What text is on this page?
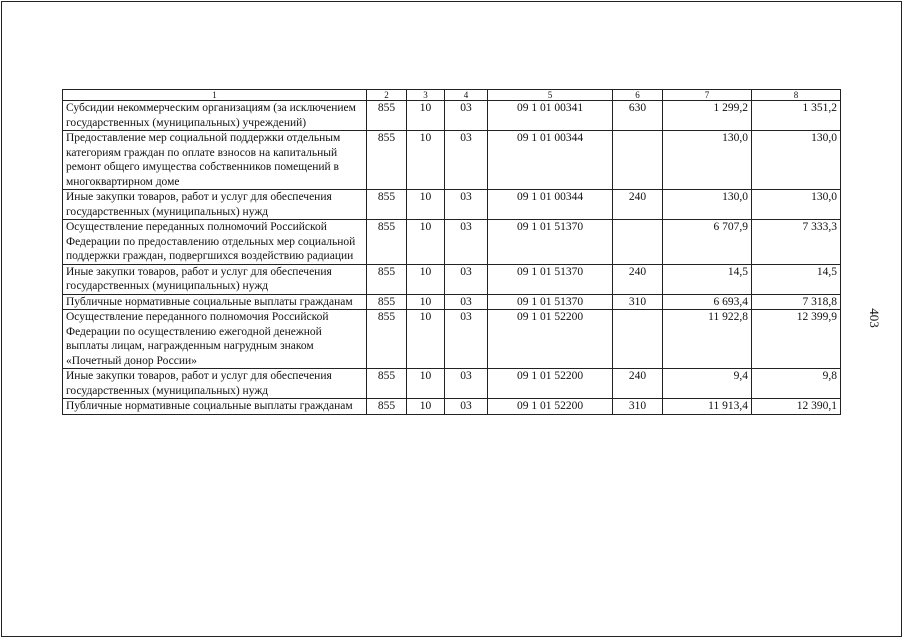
1	2	3	4	5	6	7	8
Субсидии некоммерческим организациям (за исключением государственных (муниципальных) учреждений)	855	10	03	09 1 01 00341	630	1 299,2	1 351,2
Предоставление мер социальной поддержки отдельным категориям граждан по оплате взносов на капитальный ремонт общего имущества собственников помещений в многоквартирном доме	855	10	03	09 1 01 00344		130,0	130,0
Иные закупки товаров, работ и услуг для обеспечения государственных (муниципальных) нужд	855	10	03	09 1 01 00344	240	130,0	130,0
Осуществление переданных полномочий Российской Федерации по предоставлению отдельных мер социальной поддержки граждан, подвергшихся воздействию радиации	855	10	03	09 1 01 51370		6 707,9	7 333,3
Иные закупки товаров, работ и услуг для обеспечения государственных (муниципальных) нужд	855	10	03	09 1 01 51370	240	14,5	14,5
Публичные нормативные социальные выплаты гражданам	855	10	03	09 1 01 51370	310	6 693,4	7 318,8
Осуществление переданного полномочия Российской Федерации по осуществлению ежегодной денежной выплаты лицам, награжденным нагрудным знаком «Почетный донор России»	855	10	03	09 1 01 52200		11 922,8	12 399,9
Иные закупки товаров, работ и услуг для обеспечения государственных (муниципальных) нужд	855	10	03	09 1 01 52200	240	9,4	9,8
Публичные нормативные социальные выплаты гражданам	855	10	03	09 1 01 52200	310	11 913,4	12 390,1
403
